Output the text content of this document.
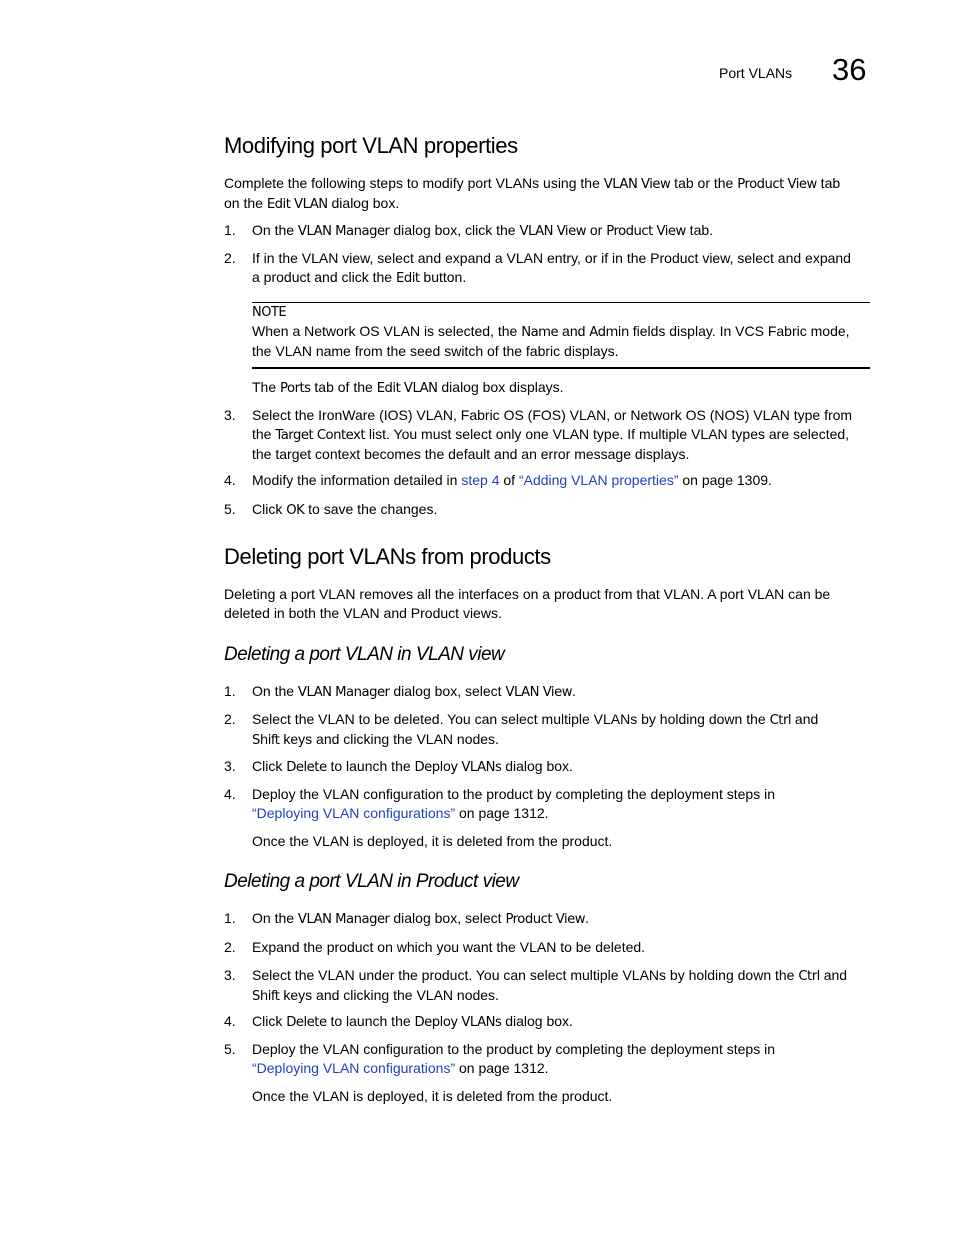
Port VLANs 36
Modifying port VLAN properties
Complete the following steps to modify port VLANs using the VLAN View tab or the Product View tab
on the Edit VLAN dialog box.
1. On the VLAN Manager dialog box, click the VLAN View or Product View tab.
2. If in the VLAN view, select and expand a VLAN entry, or if in the Product view, select and expand
a product and click the Edit button.
NOTE
When a Network OS VLAN is selected, the Name and Admin fields display. In VCS Fabric mode,
the VLAN name from the seed switch of the fabric displays.
The Ports tab of the Edit VLAN dialog box displays.
3. Select the IronWare (IOS) VLAN, Fabric OS (FOS) VLAN, or Network OS (NOS) VLAN type from
the Target Context list. You must select only one VLAN type. If multiple VLAN types are selected,
the target context becomes the default and an error message displays.
4. Modify the information detailed in step 4 of “Adding VLAN properties” on page 1309.
5. Click OK to save the changes.
Deleting port VLANs from products
Deleting a port VLAN removes all the interfaces on a product from that VLAN. A port VLAN can be
deleted in both the VLAN and Product views.
Deleting a port VLAN in VLAN view
1. On the VLAN Manager dialog box, select VLAN View.
2. Select the VLAN to be deleted. You can select multiple VLANs by holding down the Ctrl and
Shift keys and clicking the VLAN nodes.
3. Click Delete to launch the Deploy VLANs dialog box.
4. Deploy the VLAN configuration to the product by completing the deployment steps in
“Deploying VLAN configurations” on page 1312.
Once the VLAN is deployed, it is deleted from the product.
Deleting a port VLAN in Product view
1. On the VLAN Manager dialog box, select Product View.
2. Expand the product on which you want the VLAN to be deleted.
3. Select the VLAN under the product. You can select multiple VLANs by holding down the Ctrl and
Shift keys and clicking the VLAN nodes.
4. Click Delete to launch the Deploy VLANs dialog box.
5. Deploy the VLAN configuration to the product by completing the deployment steps in
“Deploying VLAN configurations” on page 1312.
Once the VLAN is deployed, it is deleted from the product.
